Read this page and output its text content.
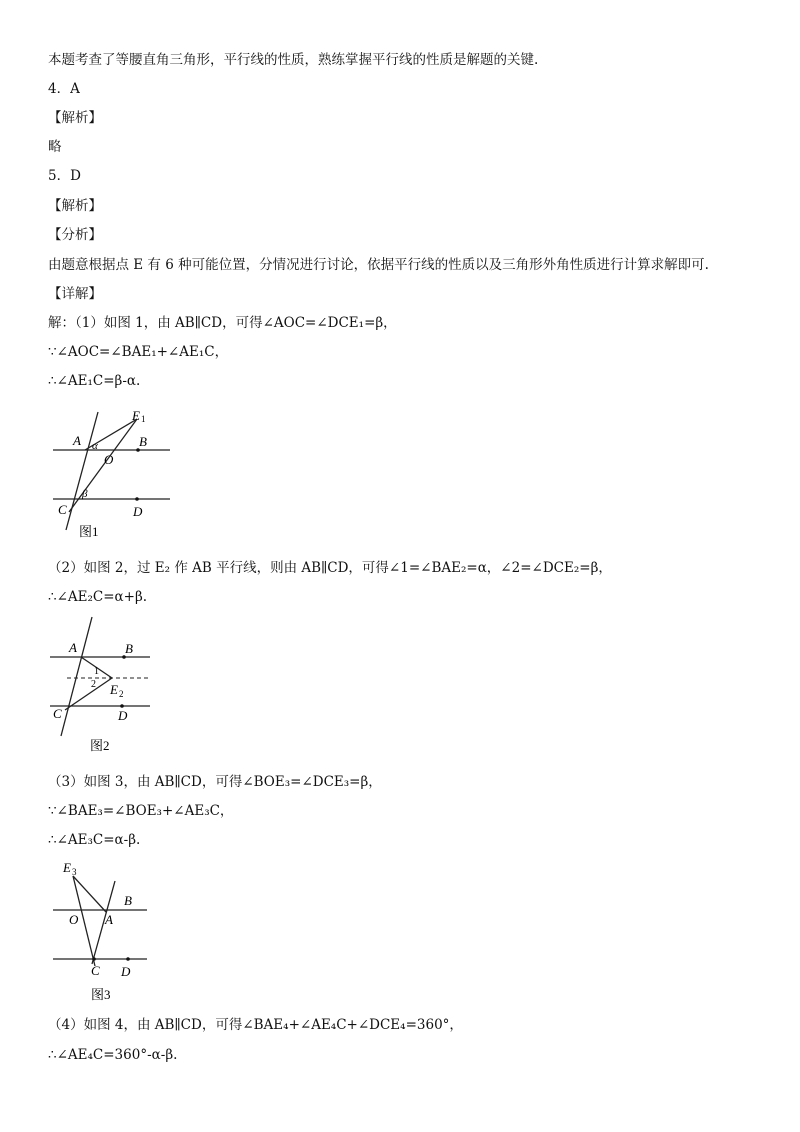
本题考查了等腰直角三角形，平行线的性质，熟练掌握平行线的性质是解题的关键.
4．A
【解析】
略
5．D
【解析】
【分析】
由题意根据点 E 有 6 种可能位置，分情况进行讨论，依据平行线的性质以及三角形外角性质进行计算求解即可.
【详解】
解：（1）如图 1，由 AB∥CD，可得∠AOC=∠DCE₁=β，
∵∠AOC=∠BAE₁+∠AE₁C，
∴∠AE₁C=β-α.
A	B
O
C	D
E 1
α
β
图1
（2）如图 2，过 E₂ 作 AB 平行线，则由 AB∥CD，可得∠1=∠BAE₂=α，∠2=∠DCE₂=β，
∴∠AE₂C=α+β.
A	B
C	D
E 2
1
2
图2
（3）如图 3，由 AB∥CD，可得∠BOE₃=∠DCE₃=β，
∵∠BAE₃=∠BOE₃+∠AE₃C，
∴∠AE₃C=α-β.
E 3
B
O A
C D
图3
（4）如图 4，由 AB∥CD，可得∠BAE₄+∠AE₄C+∠DCE₄=360°，
∴∠AE₄C=360°-α-β.
